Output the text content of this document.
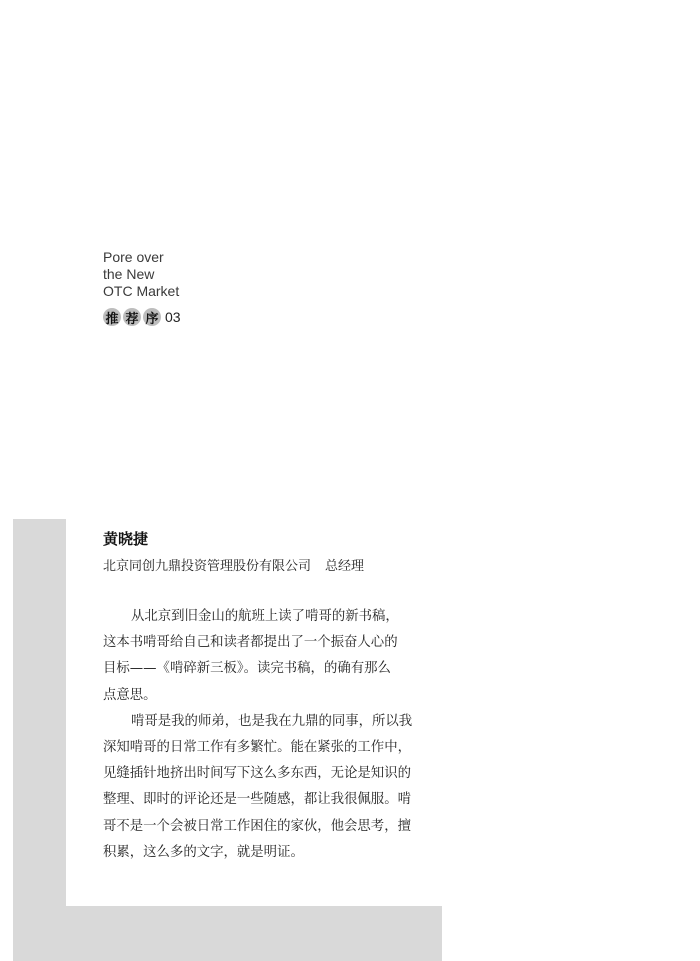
Pore over
the New
OTC Market
推 荐 序 03
黄晓捷
北京同创九鼎投资管理股份有限公司 总经理
从北京到旧金山的航班上读了啃哥的新书稿，
这本书啃哥给自己和读者都提出了一个振奋人心的
目标——《啃碎新三板》。读完书稿，的确有那么
点意思。
啃哥是我的师弟，也是我在九鼎的同事，所以我
深知啃哥的日常工作有多繁忙。能在紧张的工作中，
见缝插针地挤出时间写下这么多东西，无论是知识的
整理、即时的评论还是一些随感，都让我很佩服。啃
哥不是一个会被日常工作困住的家伙，他会思考，擅
积累，这么多的文字，就是明证。
